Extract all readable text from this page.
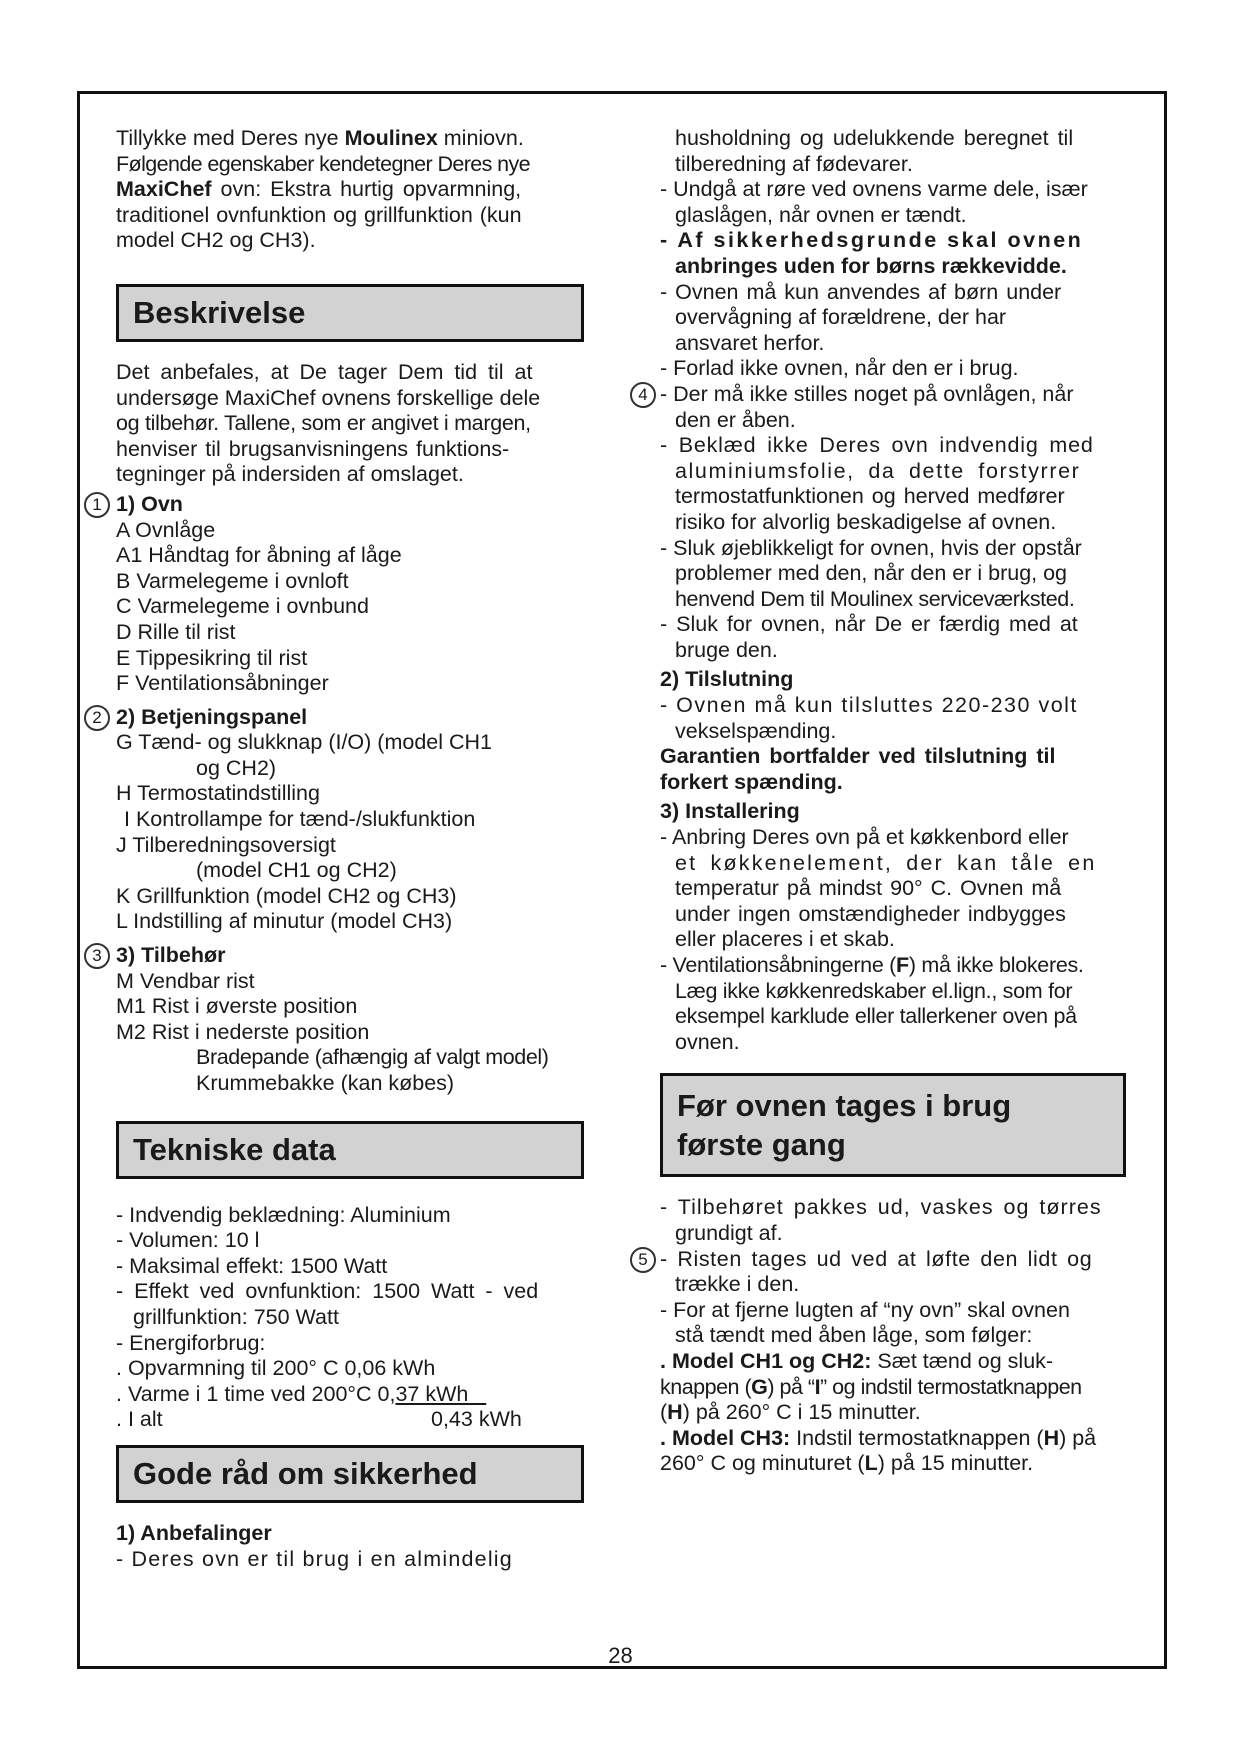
Tillykke med Deres nye Moulinex miniovn.

Følgende egenskaber kendetegner Deres nye

MaxiChef ovn: Ekstra hurtig opvarmning,

traditionel ovnfunktion og grillfunktion (kun

model CH2 og CH3).

Beskrivelse

Det anbefales, at De tager Dem tid til at

undersøge MaxiChef ovnens forskellige dele

og tilbehør. Tallene, som er angivet i margen,

henviser til brugsanvisningens funktions-

tegninger på indersiden af omslaget.

1 1) Ovn

A Ovnlåge

A1 Håndtag for åbning af låge

B Varmelegeme i ovnloft

C Varmelegeme i ovnbund

D Rille til rist

E Tippesikring til rist

F Ventilationsåbninger

2 2) Betjeningspanel

G Tænd- og slukknap (I/O) (model CH1

og CH2)

H Termostatindstilling

I Kontrollampe for tænd-/slukfunktion

J Tilberedningsoversigt

(model CH1 og CH2)

K Grillfunktion (model CH2 og CH3)

L Indstilling af minutur (model CH3)

3 3) Tilbehør

M Vendbar rist

M1 Rist i øverste position

M2 Rist i nederste position

Bradepande (afhængig af valgt model)

Krummebakke (kan købes)

Tekniske data

- Indvendig beklædning: Aluminium

- Volumen: 10 l

- Maksimal effekt: 1500 Watt

- Effekt ved ovnfunktion: 1500 Watt - ved

grillfunktion: 750 Watt

- Energiforbrug:

. Opvarmning til 200° C 0,06 kWh

. Varme i 1 time ved 200°C 0,37 kWh

. I alt	0,43 kWh

Gode råd om sikkerhed

1) Anbefalinger

- Deres ovn er til brug i en almindelig

husholdning og udelukkende beregnet til

tilberedning af fødevarer.

- Undgå at røre ved ovnens varme dele, især

glaslågen, når ovnen er tændt.

- Af sikkerhedsgrunde skal ovnen

anbringes uden for børns rækkevidde.

- Ovnen må kun anvendes af børn under

overvågning af forældrene, der har

ansvaret herfor.

- Forlad ikke ovnen, når den er i brug.

4 - Der må ikke stilles noget på ovnlågen, når

den er åben.

- Beklæd ikke Deres ovn indvendig med

aluminiumsfolie, da dette forstyrrer

termostatfunktionen og herved medfører

risiko for alvorlig beskadigelse af ovnen.

- Sluk øjeblikkeligt for ovnen, hvis der opstår

problemer med den, når den er i brug, og

henvend Dem til Moulinex serviceværksted.

- Sluk for ovnen, når De er færdig med at

bruge den.

2) Tilslutning

- Ovnen må kun tilsluttes 220-230 volt

vekselspænding.

Garantien bortfalder ved tilslutning til

forkert spænding.

3) Installering

- Anbring Deres ovn på et køkkenbord eller

et køkkenelement, der kan tåle en

temperatur på mindst 90° C. Ovnen må

under ingen omstændigheder indbygges

eller placeres i et skab.

- Ventilationsåbningerne (F) må ikke blokeres.

Læg ikke køkkenredskaber el.lign., som for

eksempel karklude eller tallerkener oven på

ovnen.

Før ovnen tages i brug
første gang

- Tilbehøret pakkes ud, vaskes og tørres

grundigt af.

5 - Risten tages ud ved at løfte den lidt og

trække i den.

- For at fjerne lugten af “ny ovn” skal ovnen

stå tændt med åben låge, som følger:

. Model CH1 og CH2: Sæt tænd og sluk-

knappen (G) på “I” og indstil termostatknappen

(H) på 260° C i 15 minutter.

. Model CH3: Indstil termostatknappen (H) på

260° C og minuturet (L) på 15 minutter.

28
